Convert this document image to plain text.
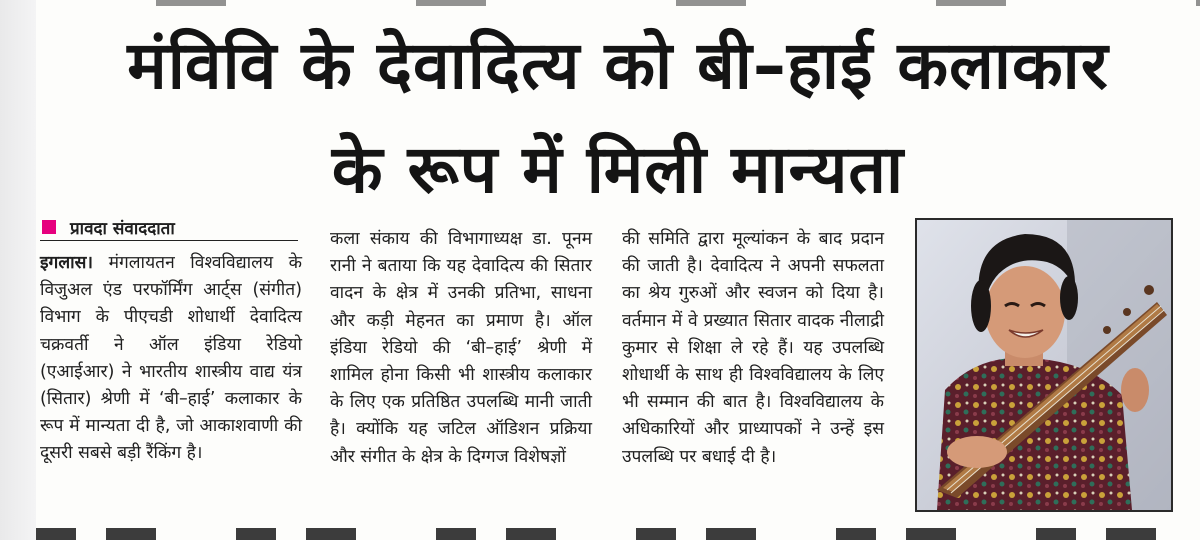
मंविवि के देवादित्य को बी–हाई कलाकार
के रूप में मिली मान्यता
प्रावदा संवाददाता
इगलास। मंगलायतन विश्वविद्यालय के विजुअल एंड परफॉर्मिंग आर्ट्स (संगीत) विभाग के पीएचडी शोधार्थी देवादित्य चक्रवर्ती ने ऑल इंडिया रेडियो (एआईआर) ने भारतीय शास्त्रीय वाद्य यंत्र (सितार) श्रेणी में ‘बी–हाई’ कलाकार के रूप में मान्यता दी है, जो आकाशवाणी की दूसरी सबसे बड़ी रैंकिंग है।
कला संकाय की विभागाध्यक्ष डा. पूनम रानी ने बताया कि यह देवादित्य की सितार वादन के क्षेत्र में उनकी प्रतिभा, साधना और कड़ी मेहनत का प्रमाण है। ऑल इंडिया रेडियो की ‘बी–हाई’ श्रेणी में शामिल होना किसी भी शास्त्रीय कलाकार के लिए एक प्रतिष्ठित उपलब्धि मानी जाती है। क्योंकि यह जटिल ऑडिशन प्रक्रिया और संगीत के क्षेत्र के दिग्गज विशेषज्ञों
की समिति द्वारा मूल्यांकन के बाद प्रदान की जाती है। देवादित्य ने अपनी सफलता का श्रेय गुरुओं और स्वजन को दिया है। वर्तमान में वे प्रख्यात सितार वादक नीलाद्री कुमार से शिक्षा ले रहे हैं। यह उपलब्धि शोधार्थी के साथ ही विश्वविद्यालय के लिए भी सम्मान की बात है। विश्वविद्यालय के अधिकारियों और प्राध्यापकों ने उन्हें इस उपलब्धि पर बधाई दी है।
